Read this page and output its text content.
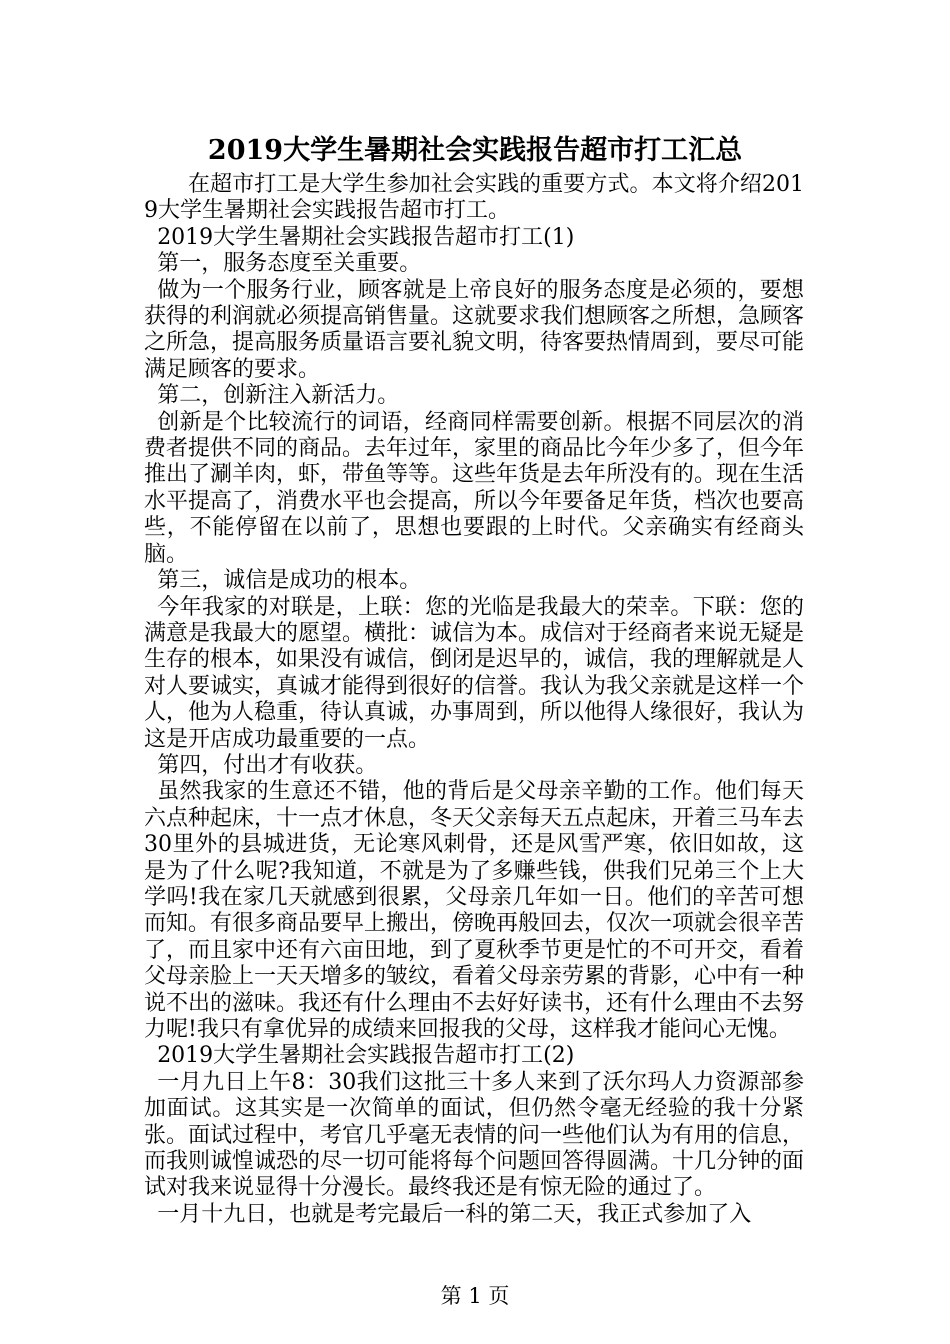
2019大学生暑期社会实践报告超市打工汇总

在超市打工是大学生参加社会实践的重要方式。本文将介绍2019大学生暑期社会实践报告超市打工。

2019大学生暑期社会实践报告超市打工(1)

第一，服务态度至关重要。

做为一个服务行业，顾客就是上帝良好的服务态度是必须的，要想获得的利润就必须提高销售量。这就要求我们想顾客之所想，急顾客之所急，提高服务质量语言要礼貌文明，待客要热情周到，要尽可能满足顾客的要求。

第二，创新注入新活力。

创新是个比较流行的词语，经商同样需要创新。根据不同层次的消费者提供不同的商品。去年过年，家里的商品比今年少多了，但今年推出了涮羊肉，虾，带鱼等等。这些年货是去年所没有的。现在生活水平提高了，消费水平也会提高，所以今年要备足年货，档次也要高些，不能停留在以前了，思想也要跟的上时代。父亲确实有经商头脑。

第三，诚信是成功的根本。

今年我家的对联是，上联：您的光临是我最大的荣幸。下联：您的满意是我最大的愿望。横批：诚信为本。成信对于经商者来说无疑是生存的根本，如果没有诚信，倒闭是迟早的，诚信，我的理解就是人对人要诚实，真诚才能得到很好的信誉。我认为我父亲就是这样一个人，他为人稳重，待认真诚，办事周到，所以他得人缘很好，我认为这是开店成功最重要的一点。

第四，付出才有收获。

虽然我家的生意还不错，他的背后是父母亲辛勤的工作。他们每天六点种起床，十一点才休息，冬天父亲每天五点起床，开着三马车去30里外的县城进货，无论寒风刺骨，还是风雪严寒，依旧如故，这是为了什么呢?我知道，不就是为了多赚些钱，供我们兄弟三个上大学吗!我在家几天就感到很累，父母亲几年如一日。他们的辛苦可想而知。有很多商品要早上搬出，傍晚再般回去，仅次一项就会很辛苦了，而且家中还有六亩田地，到了夏秋季节更是忙的不可开交，看着父母亲脸上一天天增多的皱纹，看着父母亲劳累的背影，心中有一种说不出的滋味。我还有什么理由不去好好读书，还有什么理由不去努力呢!我只有拿优异的成绩来回报我的父母，这样我才能问心无愧。

2019大学生暑期社会实践报告超市打工(2)

一月九日上午8：30我们这批三十多人来到了沃尔玛人力资源部参加面试。这其实是一次简单的面试，但仍然令毫无经验的我十分紧张。面试过程中，考官几乎毫无表情的问一些他们认为有用的信息，而我则诚惶诚恐的尽一切可能将每个问题回答得圆满。十几分钟的面试对我来说显得十分漫长。最终我还是有惊无险的通过了。

一月十九日，也就是考完最后一科的第二天，我正式参加了入

第 1 页
